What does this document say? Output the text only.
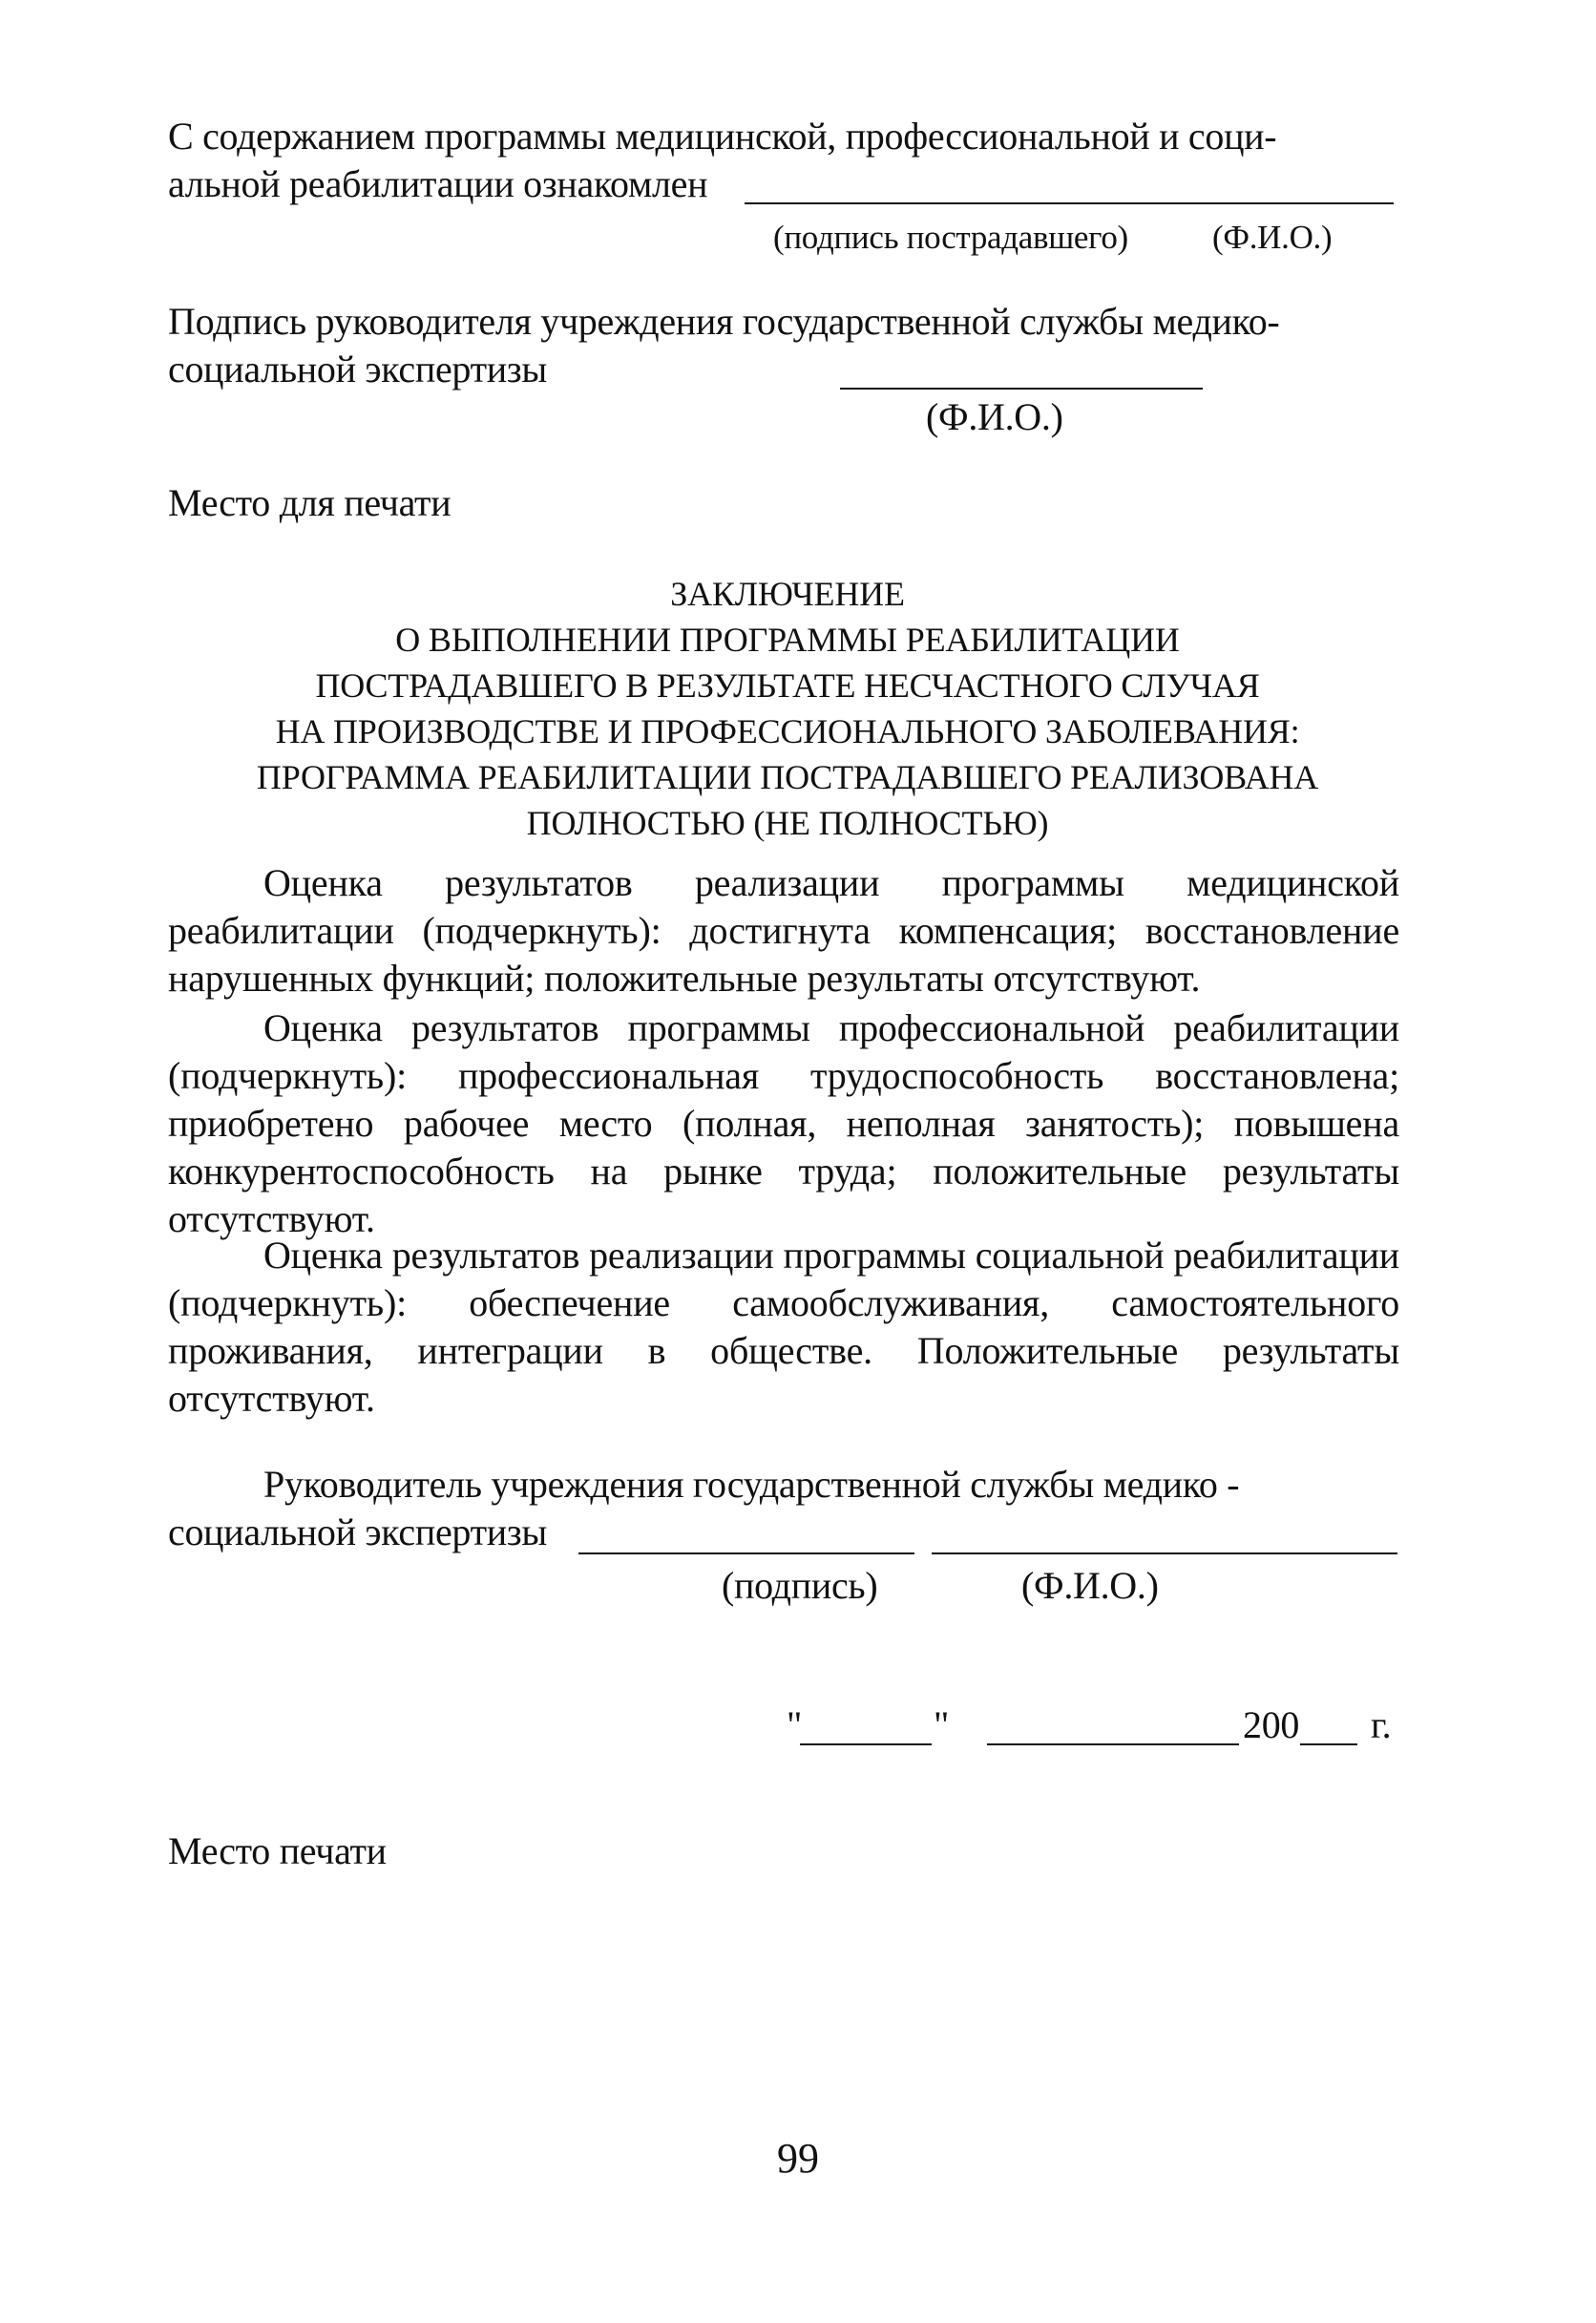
С содержанием программы медицинской, профессиональной и соци-
альной реабилитации ознакомлен
(подпись пострадавшего)	(Ф.И.О.)
Подпись руководителя учреждения государственной службы медико-
социальной экспертизы
(Ф.И.О.)
Место для печати
ЗАКЛЮЧЕНИЕ
О ВЫПОЛНЕНИИ ПРОГРАММЫ РЕАБИЛИТАЦИИ
ПОСТРАДАВШЕГО В РЕЗУЛЬТАТЕ НЕСЧАСТНОГО СЛУЧАЯ
НА ПРОИЗВОДСТВЕ И ПРОФЕССИОНАЛЬНОГО ЗАБОЛЕВАНИЯ:
ПРОГРАММА РЕАБИЛИТАЦИИ ПОСТРАДАВШЕГО РЕАЛИЗОВАНА
ПОЛНОСТЬЮ (НЕ ПОЛНОСТЬЮ)
Оценка результатов реализации программы медицинской реабилитации (подчеркнуть): достигнута компенсация; восстановление нарушенных функций; положительные результаты отсутствуют.
Оценка результатов программы профессиональной реабилитации (подчеркнуть): профессиональная трудоспособность восстановлена; приобретено рабочее место (полная, неполная занятость); повышена конкурентоспособность на рынке труда; положительные результаты отсутствуют.
Оценка результатов реализации программы социальной реабилитации (подчеркнуть): обеспечение самообслуживания, самостоятельного проживания, интеграции в обществе. Положительные результаты отсутствуют.
Руководитель учреждения государственной службы медико -
социальной экспертизы
(подпись)	(Ф.И.О.)
"	"	200 г.
Место печати
99
